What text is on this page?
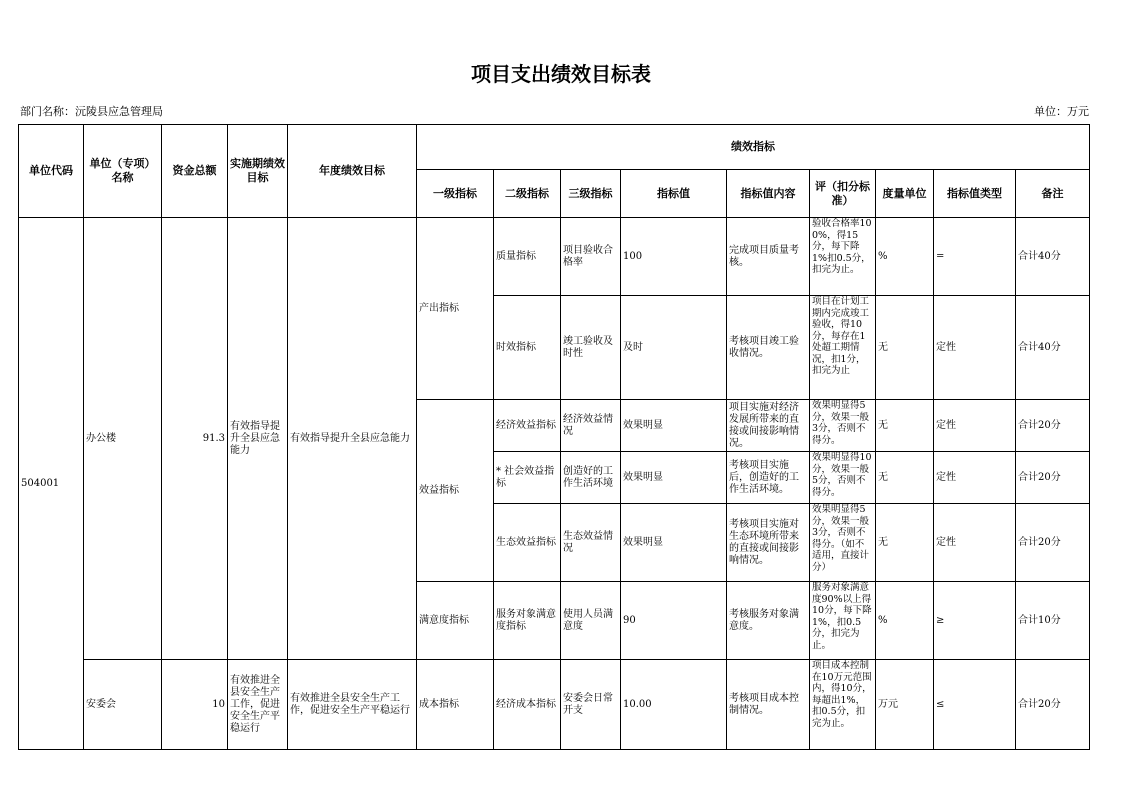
项目支出绩效目标表
部门名称：沅陵县应急管理局	单位：万元
单位代码	单位（专项）名称	资金总额	实施期绩效目标	年度绩效目标	绩效指标								
					一级指标	二级指标	三级指标	指标值	指标值内容	评（扣分标准）	度量单位	指标值类型	备注
504001	办公楼	91.3	有效指导提升全县应急能力	有效指导提升全县应急能力	产出指标	质量指标	项目验收合格率	100	完成项目质量考核。	验收合格率100%，得15分，每下降1%扣0.5分，扣完为止。	%	=	合计40分
						时效指标	竣工验收及时性	及时	考核项目竣工验收情况。	项目在计划工期内完成竣工验收，得10分，每存在1处超工期情况，扣1分，扣完为止	无	定性	合计40分
					效益指标	经济效益指标	经济效益情况	效果明显	项目实施对经济发展所带来的直接或间接影响情况。	效果明显得5分，效果一般3分，否则不得分。	无	定性	合计20分
						* 社会效益指标	创造好的工作生活环境	效果明显	考核项目实施后，创造好的工作生活环境。	效果明显得10分，效果一般5分，否则不得分。	无	定性	合计20分
						生态效益指标	生态效益情况	效果明显	考核项目实施对生态环境所带来的直接或间接影响情况。	效果明显得5分，效果一般3分，否则不得分。（如不适用，直接计分）	无	定性	合计20分
					满意度指标	服务对象满意度指标	使用人员满意度	90	考核服务对象满意度。	服务对象满意度90%以上得10分，每下降1%，扣0.5分，扣完为止。	%	≥	合计10分
	安委会	10	有效推进全县安全生产工作，促进安全生产平稳运行	有效推进全县安全生产工作，促进安全生产平稳运行	成本指标	经济成本指标	安委会日常开支	10.00	考核项目成本控制情况。	项目成本控制在10万元范围内，得10分，每超出1%，扣0.5分，扣完为止。	万元	≤	合计20分
